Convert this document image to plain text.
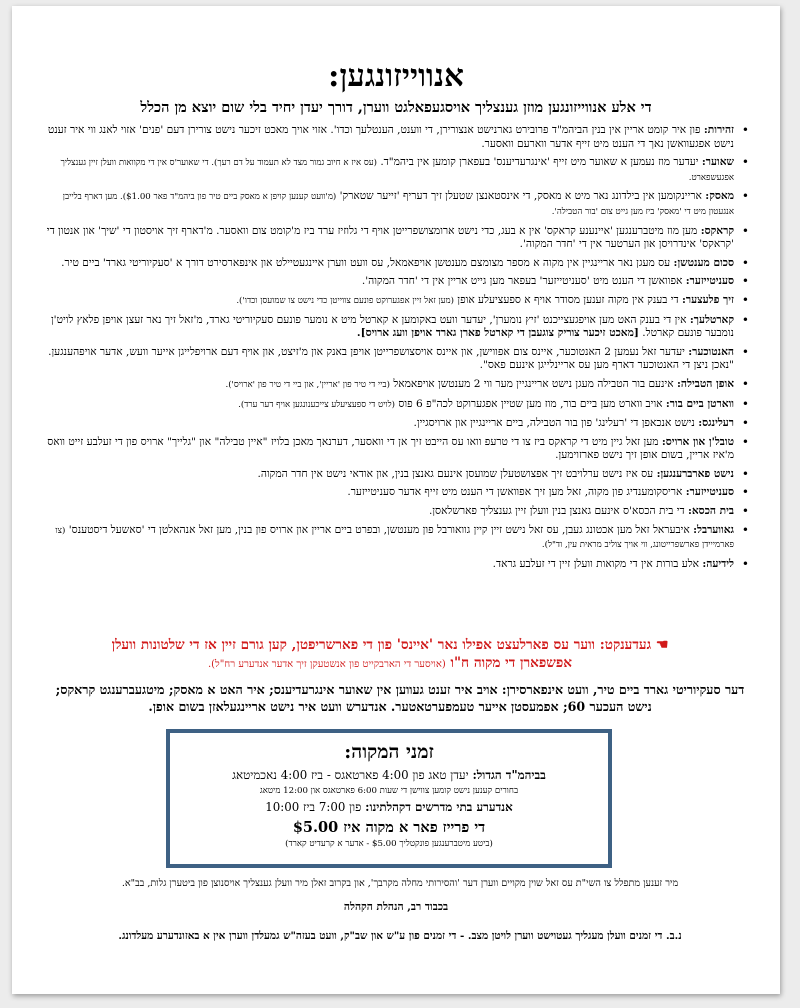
אנווייזונגען:
די אלע אנווייזונגען מוזן גענצליך אויסגעפאלגט ווערן, דורך יעדן יחיד בלי שום יוצא מן הכלל
• זהירות: פון איר קומט אריין אין בנין הביהמ"ד פרובירט גארנישט אנצורירן, די ווענט, הענטלעך וכדו'. אזוי אויך מאכט זיכער נישט צורירן דעם 'פנים' אזוי לאנג ווי איר זענט נישט אפגעוואשן נאך די הענט מיט זייף אדער ווארעם וואסער.
• שאוער: יעדער מוז נעמען א שאוער מיט זייף 'אינגרעדיענס' בעפארן קומען אין ביהמ"ד. (עס איז א חיוב גמור מצד לא תעמוד על דם רעך). די שאוער'ס אין די מקוואות וועלן זיין גענצליך אפגעשפארט.
• מאסק: אריינקומען אין בילדונג נאר מיט א מאסק, די אינסטאנצן שטעלן זיך דעריף 'זייער שטארק' (מ'וועט קענען קויפן א מאסק ביים טיר פון ביהמ"ד פאר $1.00). מען דארף בלייבן אנגעטון מיט די 'מאסק' ביז מען גייט צום 'בור הטבילה'.
• קראקס: מען מוז מיטברענגען 'איינענע קראקס' אין א בעג, כדי נישט ארומצושפרייטן אויף די גלוזיז ערד ביז מ'קומט צום וואסער. מ'דארף זיך אויסטון די 'שיך' און אנטון די 'קראקס' אינדרויסן און הערטער אין די 'חדר המקוה'.
• סכום מענטשן: עס מעגן נאר אריינגיין אין מקוה א מספר מצומצם מענטשן אויפאמאל, עס וועט ווערן איינגעטיילט און אינפארסירט דורך א 'סעקיוריטי גארד' ביים טיר.
• סעניטייזער: אפוואשן די הענט מיט 'סעניטייזער' בעפאר מען גייט אריין אין די 'חדר המקוה'.
• זיך פלעצער: די בענק אין מקוה זענען מסודר אויף א ספעציעלע אופן (מען זאל זיין אפגערוקט פונעם צווייטן כדי נישט צו שמועסן וכדו').
• קארטלעך: אין די בענק האט מען אויפגעצייכנט 'זיץ נומערן', יעדער וועט באקומען א קארטל מיט א נומער פונעם סעקיוריטי גארד, מ'זאל זיך נאר זעצן אויפן פלאץ לויט'ן נומבער פונעם קארטל. [מאכט זיכער צוריק צוגעבן די קארטל פארן גארד אויפן וועג ארויס].
• האנטוכער: יעדער זאל נעמען 2 האנטוכער, איינס צום אפווישן, און איינס אויסצושפרייטן אויפן באנק און מ'זיצט, און אויף דעם ארויפלייגן אייער וועש, אדער אויפהענגען. "נאכן ניצן די האנטוכער דארף מען עס אריינלייגן אינעם פאס".
• אופן הטבילה: אינעם בור הטבילה מעגן נישט אריינגיין מער ווי 2 מענטשן אויפאמאל (ביי די טיר פון 'אריין', און ביי די טיר פון 'ארויס').
• ווארטן ביים בור: אויב ווארט מען ביים בור, מוז מען שטיין אפגערוקט לכה"פ 6 פוס (לויט די ספעציעלע צייכענונגען אויף דער ערד).
• רעלינגס: נישט אנכאפן די 'רעלינג' פון בור הטבילה, ביים אריינגיין און ארויסגיין.
• טובל'ן און ארויס: מען זאל גיין מיט די קראקס ביז צו די טרעפ וואו עס הייבט זיך אן די וואסער, דערנאך מאכן בלויז "איין טבילה" און "גלייך" ארויס פון די זעלבע זייט וואס מ'איז אריין, בשום אופן זיך נישט פארזוימען.
• נישט פארברענגען: עס איז נישט ערלויבט זיך אפצושטעלן שמועסן אינעם גאנצן בנין, און אודאי נישט אין חדר המקוה.
• סעניטייזער: אריסקומענדיג פון מקוה, זאל מען זיך אפוואשן די הענט מיט זייף אדער סעניטייזער.
• בית הכסא: די בית הכסא'ס אינעם גאנצן בנין וועלן זיין גענצליך פארשלאסן.
• גאווערבל: איבעראל זאל מען אכטונג געבן, עס זאל נישט זיין קיין גוואורבל פון מענטשן, ובפרט ביים אריין און ארויס פון בנין, מען זאל אנהאלטן די 'סאשעל דיסטענס' (צו פארמייידן פארשפרייטונג, ווי אויך צוליב מראית עין, וד"ל).
• לידיעה: אלע בורות אין די מקואות וועלן זיין די זעלבע גראד.
☚ געדענקט: ווער עס פארלעצט אפילו נאר 'איינס' פון די פארשריפטן, קען גורם זיין אז די שלטונות וועלן
אפשפארן די מקוה ח"ו (אויסער די הארבקייט פון אנשטעקן זיך אדער אנדערע רח"ל).
דער סעקיוריטי גארד ביים טיר, וועט אינפארסירן: אויב איר זענט געווען אין שאוער אינגרעדיענס; איר האט א מאסק; מיטגעברענגט קראקס; נישט העכער 60; אפמעסטן אייער טעמפערטאטער. אנדערש וועט איר נישט אריינגעלאזן בשום אופן.
זמני המקוה:
בביהמ"ד הגדול: יעדן טאג פון 4:00 פארטאגס - ביז 4:00 נאכמיטאג
בחורים קענען נישט קומען צווישן די שעות 6:00 פארטאגס און 12:00 מיטאג
אנדערע בתי מדרשים דקהלתינו: פון 7:00 ביז 10:00
די פרייז פאר א מקוה איז $5.00
(ביטע מיטברענגען פונקטליך $5.00 - אדער א קרעדיט קארד)
מיר זענען מתפלל צו השי"ת עס זאל שוין מקויים ווערן דער 'והסירותי מחלה מקרבך', און בקרוב זאלן מיר וועלן גענצליך אויסנוצן פון ביטערן גלות, בב"א.
בכבוד רב, הנהלת הקהלה
נ.ב. די זמנים וועלן מעגליך געטוישט ווערן לויטן מצב. - די זמנים פון ע"ש און שב"ק, וועט בעזה"ש גמעלדן ווערן אין א באזונדערע מעלדונג.
